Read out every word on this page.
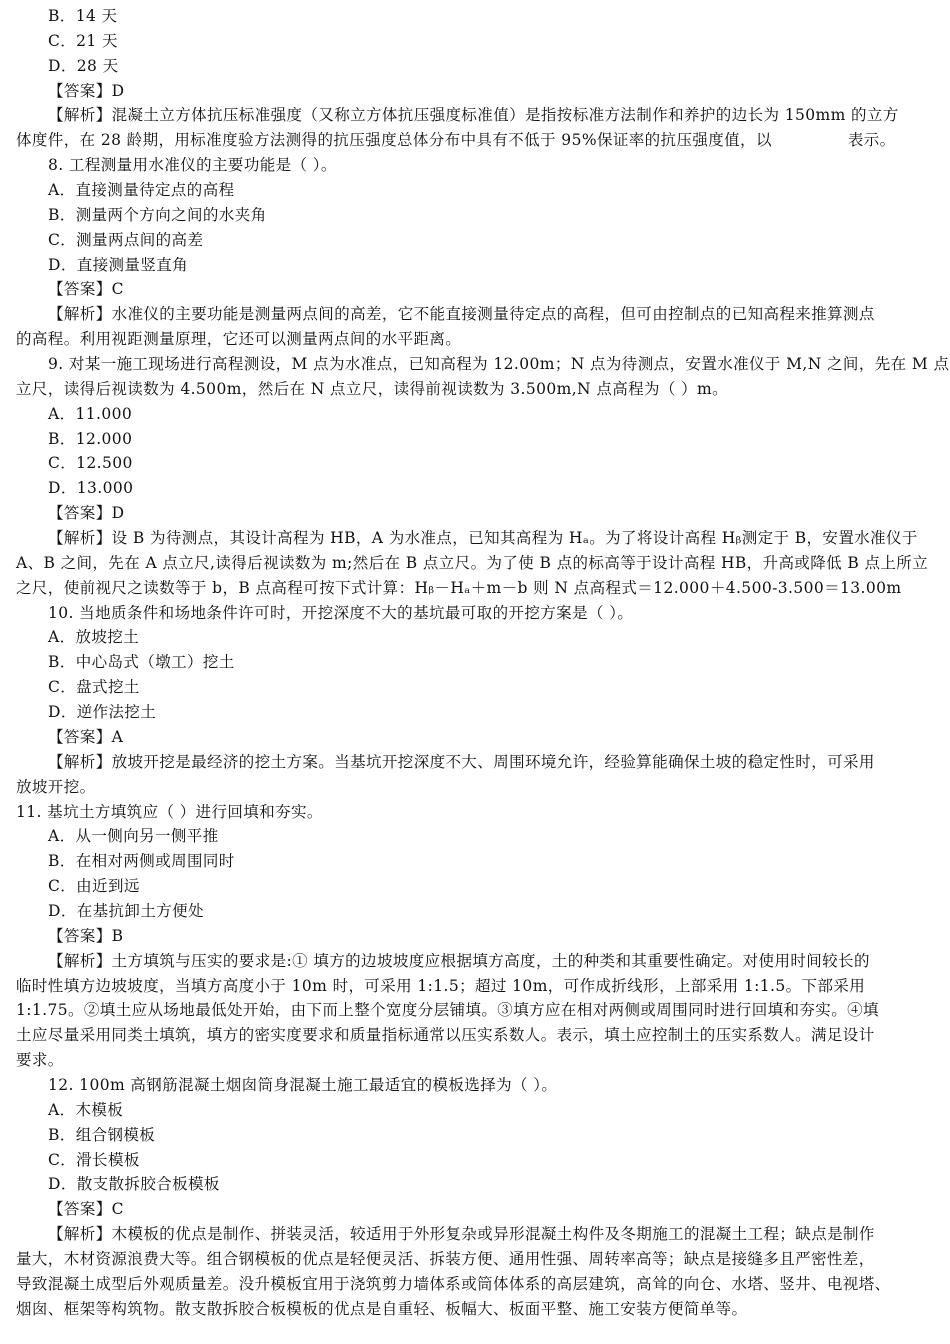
B．14 天
C．21 天
D．28 天
【答案】D
【解析】混凝土立方体抗压标准强度（又称立方体抗压强度标准值）是指按标准方法制作和养护的边长为 150mm 的立方
体度件，在 28 龄期，用标准度验方法测得的抗压强度总体分布中具有不低于 95%保证率的抗压强度值，以	表示。
8. 工程测量用水准仪的主要功能是（ ）。
A．直接测量待定点的高程
B．测量两个方向之间的水夹角
C．测量两点间的高差
D．直接测量竖直角
【答案】C
【解析】水准仪的主要功能是测量两点间的高差，它不能直接测量待定点的高程，但可由控制点的已知高程来推算测点
的高程。利用视距测量原理，它还可以测量两点间的水平距离。
9. 对某一施工现场进行高程测设，M 点为水准点，已知高程为 12.00m；N 点为待测点，安置水准仪于 M,N 之间，先在 M 点
立尺，读得后视读数为 4.500m，然后在 N 点立尺，读得前视读数为 3.500m,N 点高程为（ ）m。
A．11.000
B．12.000
C．12.500
D．13.000
【答案】D
【解析】设 B 为待测点，其设计高程为 HB，A 为水准点，已知其高程为 Hₐ。为了将设计高程 Hᵦ测定于 B，安置水准仪于
A、B 之间，先在 A 点立尺,读得后视读数为 m;然后在 B 点立尺。为了使 B 点的标高等于设计高程 HB，升高或降低 B 点上所立
之尺，使前视尺之读数等于 b，B 点高程可按下式计算：Hᵦ－Hₐ＋m－b 则 N 点高程式＝12.000＋4.500-3.500＝13.00m
10. 当地质条件和场地条件许可时，开挖深度不大的基坑最可取的开挖方案是（ ）。
A．放坡挖土
B．中心岛式（墩工）挖土
C．盘式挖土
D．逆作法挖土
【答案】A
【解析】放坡开挖是最经济的挖土方案。当基坑开挖深度不大、周围环境允许，经验算能确保土坡的稳定性时，可采用
放坡开挖。
11. 基坑土方填筑应（ ）进行回填和夯实。
A．从一侧向另一侧平推
B．在相对两侧或周围同时
C．由近到远
D．在基抗卸土方便处
【答案】B
【解析】土方填筑与压实的要求是:① 填方的边坡坡度应根据填方高度，土的种类和其重要性确定。对使用时间较长的
临时性填方边坡坡度，当填方高度小于 10m 时，可采用 1:1.5；超过 10m，可作成折线形，上部采用 1:1.5。下部采用
1:1.75。②填土应从场地最低处开始，由下而上整个宽度分层铺填。③填方应在相对两侧或周围同时进行回填和夯实。④填
土应尽量采用同类土填筑，填方的密实度要求和质量指标通常以压实系数人。表示，填土应控制土的压实系数人。满足设计
要求。
12. 100m 高钢筋混凝土烟囱筒身混凝土施工最适宜的模板选择为（ ）。
A．木模板
B．组合钢模板
C．滑长模板
D．散支散拆胶合板模板
【答案】C
【解析】木模板的优点是制作、拼装灵活，较适用于外形复杂或异形混凝土构件及冬期施工的混凝土工程；缺点是制作
量大，木材资源浪费大等。组合钢模板的优点是轻便灵活、拆装方便、通用性强、周转率高等；缺点是接缝多且严密性差，
导致混凝土成型后外观质量差。没升模板宜用于浇筑剪力墙体系或筒体体系的高层建筑，高耸的向仓、水塔、竖井、电视塔、
烟囱、框架等构筑物。散支散拆胶合板模板的优点是自重轻、板幅大、板面平整、施工安装方便简单等。
